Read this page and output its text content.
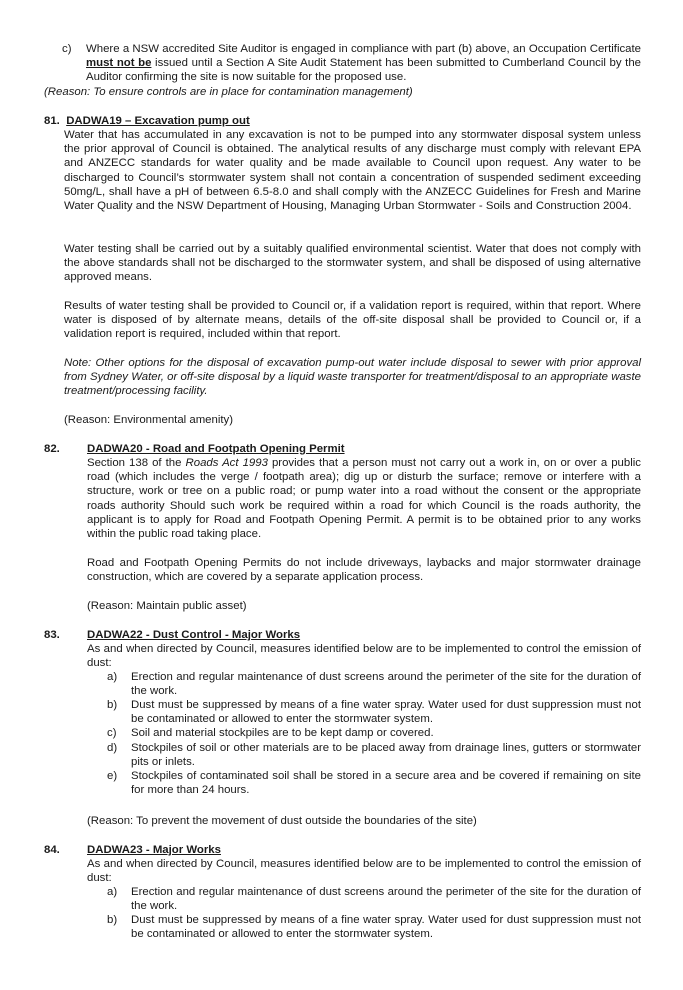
c) Where a NSW accredited Site Auditor is engaged in compliance with part (b) above, an Occupation Certificate must not be issued until a Section A Site Audit Statement has been submitted to Cumberland Council by the Auditor confirming the site is now suitable for the proposed use.

(Reason: To ensure controls are in place for contamination management)

81. DADWA19 – Excavation pump out

Water that has accumulated in any excavation is not to be pumped into any stormwater disposal system unless the prior approval of Council is obtained. The analytical results of any discharge must comply with relevant EPA and ANZECC standards for water quality and be made available to Council upon request. Any water to be discharged to Council’s stormwater system shall not contain a concentration of suspended sediment exceeding 50mg/L, shall have a pH of between 6.5-8.0 and shall comply with the ANZECC Guidelines for Fresh and Marine Water Quality and the NSW Department of Housing, Managing Urban Stormwater - Soils and Construction 2004.

Water testing shall be carried out by a suitably qualified environmental scientist. Water that does not comply with the above standards shall not be discharged to the stormwater system, and shall be disposed of using alternative approved means.

Results of water testing shall be provided to Council or, if a validation report is required, within that report. Where water is disposed of by alternate means, details of the off-site disposal shall be provided to Council or, if a validation report is required, included within that report.

Note: Other options for the disposal of excavation pump-out water include disposal to sewer with prior approval from Sydney Water, or off-site disposal by a liquid waste transporter for treatment/disposal to an appropriate waste treatment/processing facility.

(Reason: Environmental amenity)

82. DADWA20 - Road and Footpath Opening Permit

Section 138 of the Roads Act 1993 provides that a person must not carry out a work in, on or over a public road (which includes the verge / footpath area); dig up or disturb the surface; remove or interfere with a structure, work or tree on a public road; or pump water into a road without the consent or the appropriate roads authority Should such work be required within a road for which Council is the roads authority, the applicant is to apply for Road and Footpath Opening Permit. A permit is to be obtained prior to any works within the public road taking place.

Road and Footpath Opening Permits do not include driveways, laybacks and major stormwater drainage construction, which are covered by a separate application process.

(Reason: Maintain public asset)

83. DADWA22 - Dust Control - Major Works

As and when directed by Council, measures identified below are to be implemented to control the emission of dust:

a) Erection and regular maintenance of dust screens around the perimeter of the site for the duration of the work.

b) Dust must be suppressed by means of a fine water spray. Water used for dust suppression must not be contaminated or allowed to enter the stormwater system.

c) Soil and material stockpiles are to be kept damp or covered.

d) Stockpiles of soil or other materials are to be placed away from drainage lines, gutters or stormwater pits or inlets.

e) Stockpiles of contaminated soil shall be stored in a secure area and be covered if remaining on site for more than 24 hours.

(Reason: To prevent the movement of dust outside the boundaries of the site)

84. DADWA23 - Major Works

As and when directed by Council, measures identified below are to be implemented to control the emission of dust:

a) Erection and regular maintenance of dust screens around the perimeter of the site for the duration of the work.

b) Dust must be suppressed by means of a fine water spray. Water used for dust suppression must not be contaminated or allowed to enter the stormwater system.
